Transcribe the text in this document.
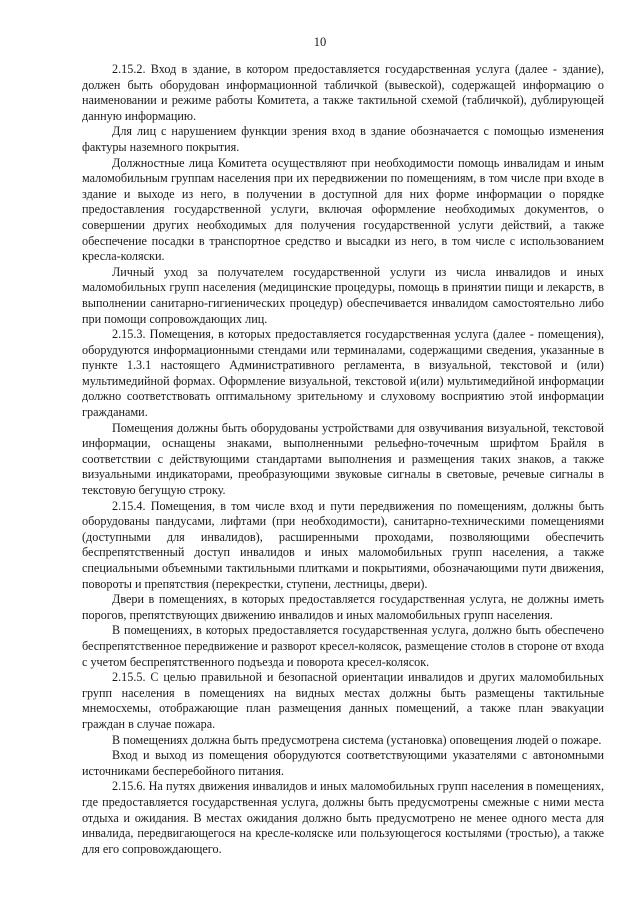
10

2.15.2. Вход в здание, в котором предоставляется государственная услуга (далее - здание), должен быть оборудован информационной табличкой (вывеской), содержащей информацию о наименовании и режиме работы Комитета, а также тактильной схемой (табличкой), дублирующей данную информацию.

Для лиц с нарушением функции зрения вход в здание обозначается с помощью изменения фактуры наземного покрытия.

Должностные лица Комитета осуществляют при необходимости помощь инвалидам и иным маломобильным группам населения при их передвижении по помещениям, в том числе при входе в здание и выходе из него, в получении в доступной для них форме информации о порядке предоставления государственной услуги, включая оформление необходимых документов, о совершении других необходимых для получения государственной услуги действий, а также обеспечение посадки в транспортное средство и высадки из него, в том числе с использованием кресла-коляски.

Личный уход за получателем государственной услуги из числа инвалидов и иных маломобильных групп населения (медицинские процедуры, помощь в принятии пищи и лекарств, в выполнении санитарно-гигиенических процедур) обеспечивается инвалидом самостоятельно либо при помощи сопровождающих лиц.

2.15.3. Помещения, в которых предоставляется государственная услуга (далее - помещения), оборудуются информационными стендами или терминалами, содержащими сведения, указанные в пункте 1.3.1 настоящего Административного регламента, в визуальной, текстовой и (или) мультимедийной формах. Оформление визуальной, текстовой и(или) мультимедийной информации должно соответствовать оптимальному зрительному и слуховому восприятию этой информации гражданами.

Помещения должны быть оборудованы устройствами для озвучивания визуальной, текстовой информации, оснащены знаками, выполненными рельефно-точечным шрифтом Брайля в соответствии с действующими стандартами выполнения и размещения таких знаков, а также визуальными индикаторами, преобразующими звуковые сигналы в световые, речевые сигналы в текстовую бегущую строку.

2.15.4. Помещения, в том числе вход и пути передвижения по помещениям, должны быть оборудованы пандусами, лифтами (при необходимости), санитарно-техническими помещениями (доступными для инвалидов), расширенными проходами, позволяющими обеспечить беспрепятственный доступ инвалидов и иных маломобильных групп населения, а также специальными объемными тактильными плитками и покрытиями, обозначающими пути движения, повороты и препятствия (перекрестки, ступени, лестницы, двери).

Двери в помещениях, в которых предоставляется государственная услуга, не должны иметь порогов, препятствующих движению инвалидов и иных маломобильных групп населения.

В помещениях, в которых предоставляется государственная услуга, должно быть обеспечено беспрепятственное передвижение и разворот кресел-колясок, размещение столов в стороне от входа с учетом беспрепятственного подъезда и поворота кресел-колясок.

2.15.5. С целью правильной и безопасной ориентации инвалидов и других маломобильных групп населения в помещениях на видных местах должны быть размещены тактильные мнемосхемы, отображающие план размещения данных помещений, а также план эвакуации граждан в случае пожара.

В помещениях должна быть предусмотрена система (установка) оповещения людей о пожаре.

Вход и выход из помещения оборудуются соответствующими указателями с автономными источниками бесперебойного питания.

2.15.6. На путях движения инвалидов и иных маломобильных групп населения в помещениях, где предоставляется государственная услуга, должны быть предусмотрены смежные с ними места отдыха и ожидания. В местах ожидания должно быть предусмотрено не менее одного места для инвалида, передвигающегося на кресле-коляске или пользующегося костылями (тростью), а также для его сопровождающего.
